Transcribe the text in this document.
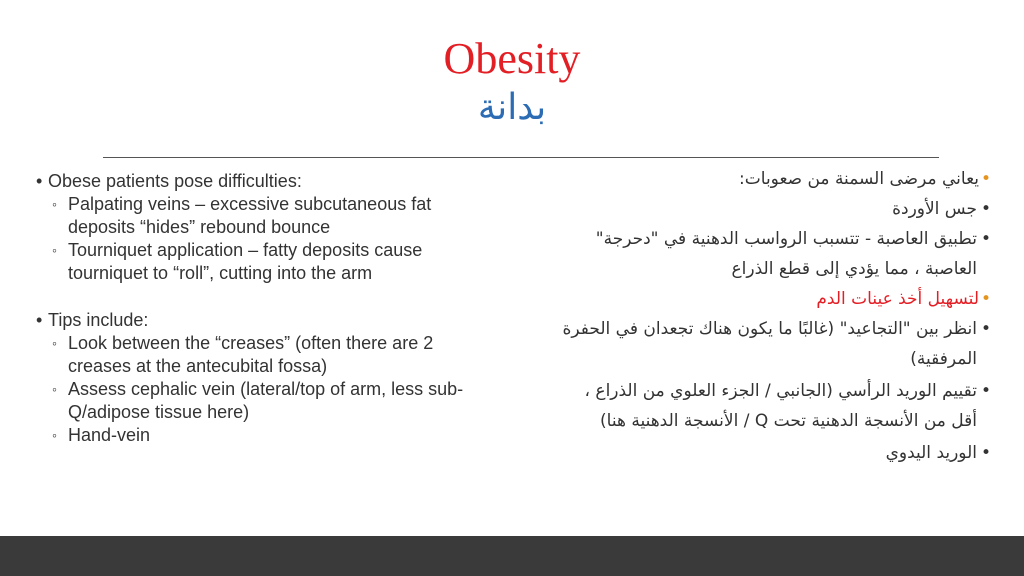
Obesity
بدانة
• Obese patients pose difficulties:
◦ Palpating veins – excessive subcutaneous fat deposits “hides” rebound bounce
◦ Tourniquet application – fatty deposits cause tourniquet to “roll”, cutting into the arm
• Tips include:
◦ Look between the “creases” (often there are 2 creases at the antecubital fossa)
◦ Assess cephalic vein (lateral/top of arm, less sub-Q/adipose tissue here)
◦ Hand-vein
•
يعاني مرضى السمنة من صعوبات:
•
جس الأوردة
•
تطبيق العاصبة - تتسبب الرواسب الدهنية في "دحرجة" العاصبة ، مما يؤدي إلى قطع الذراع
•
لتسهيل أخذ عينات الدم
•
انظر بين "التجاعيد" (غالبًا ما يكون هناك تجعدان في الحفرة المرفقية)
•
تقييم الوريد الرأسي (الجانبي / الجزء العلوي من الذراع ، أقل من الأنسجة الدهنية تحت Q / الأنسجة الدهنية هنا)
•
الوريد اليدوي
